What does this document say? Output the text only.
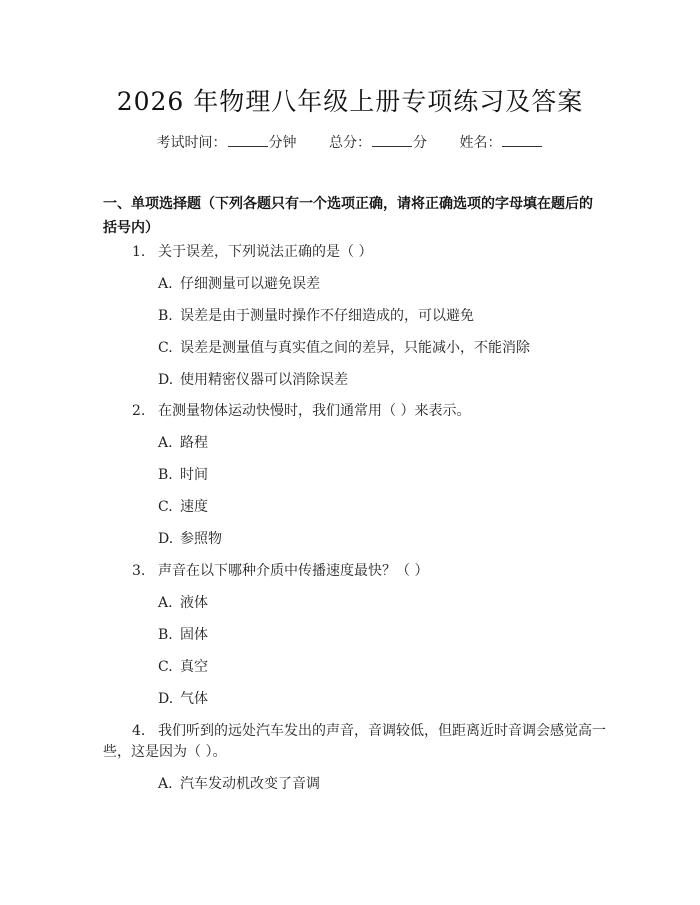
2026 年物理八年级上册专项练习及答案
考试时间：	分钟 总分：	分 姓名：
一、单项选择题（下列各题只有一个选项正确，请将正确选项的字母填在题后的括号内）
1. 关于误差，下列说法正确的是（ ）
A. 仔细测量可以避免误差
B. 误差是由于测量时操作不仔细造成的，可以避免
C. 误差是测量值与真实值之间的差异，只能减小，不能消除
D. 使用精密仪器可以消除误差
2. 在测量物体运动快慢时，我们通常用（ ）来表示。
A. 路程
B. 时间
C. 速度
D. 参照物
3. 声音在以下哪种介质中传播速度最快？（ ）
A. 液体
B. 固体
C. 真空
D. 气体
4. 我们听到的远处汽车发出的声音，音调较低，但距离近时音调会感觉高一
些，这是因为（ ）。
A. 汽车发动机改变了音调
